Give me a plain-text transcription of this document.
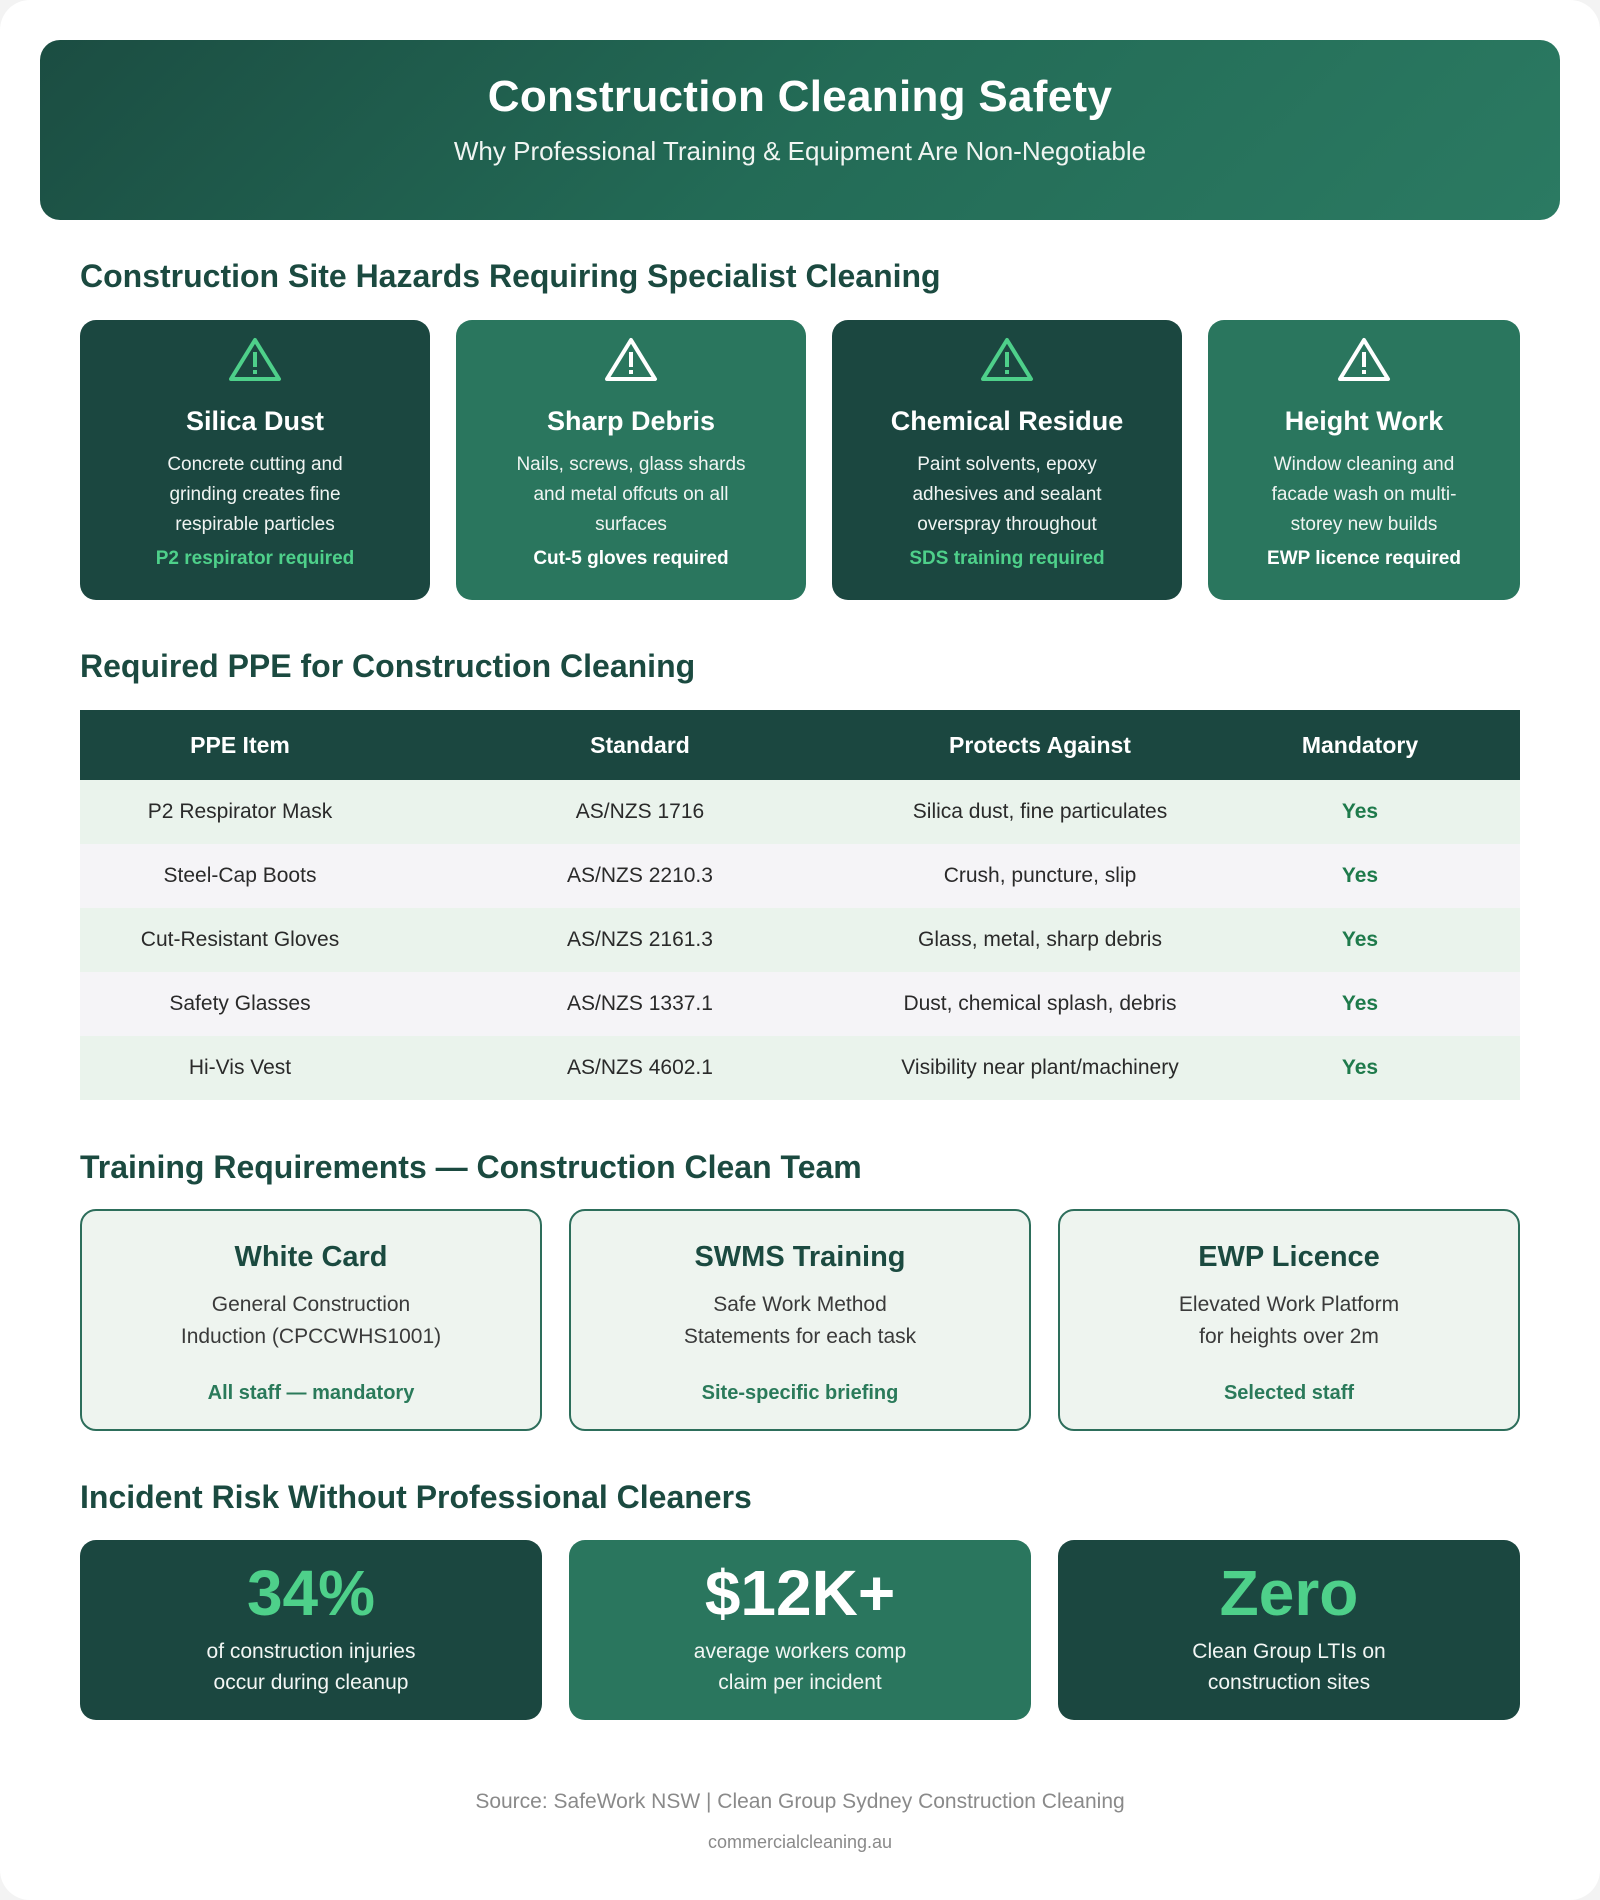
Construction Cleaning Safety

Why Professional Training & Equipment Are Non-Negotiable

Construction Site Hazards Requiring Specialist Cleaning
Silica Dust
Concrete cutting and grinding creates fine respirable particles
P2 respirator required
Sharp Debris
Nails, screws, glass shards and metal offcuts on all surfaces
Cut-5 gloves required
Chemical Residue
Paint solvents, epoxy adhesives and sealant overspray throughout
SDS training required
Height Work
Window cleaning and facade wash on multi-storey new builds
EWP licence required
Required PPE for Construction Cleaning
PPE Item	Standard	Protects Against	Mandatory
P2 Respirator Mask	AS/NZS 1716	Silica dust, fine particulates	Yes
Steel-Cap Boots	AS/NZS 2210.3	Crush, puncture, slip	Yes
Cut-Resistant Gloves	AS/NZS 2161.3	Glass, metal, sharp debris	Yes
Safety Glasses	AS/NZS 1337.1	Dust, chemical splash, debris	Yes
Hi-Vis Vest	AS/NZS 4602.1	Visibility near plant/machinery	Yes
Training Requirements — Construction Clean Team
White Card
General Construction
Induction (CPCCWHS1001)
All staff — mandatory
SWMS Training
Safe Work Method
Statements for each task
Site-specific briefing
EWP Licence
Elevated Work Platform
for heights over 2m
Selected staff
Incident Risk Without Professional Cleaners
34%
of construction injuries
occur during cleanup
$12K+
average workers comp
claim per incident
Zero
Clean Group LTIs on
construction sites
Source: SafeWork NSW | Clean Group Sydney Construction Cleaning
commercialcleaning.au
